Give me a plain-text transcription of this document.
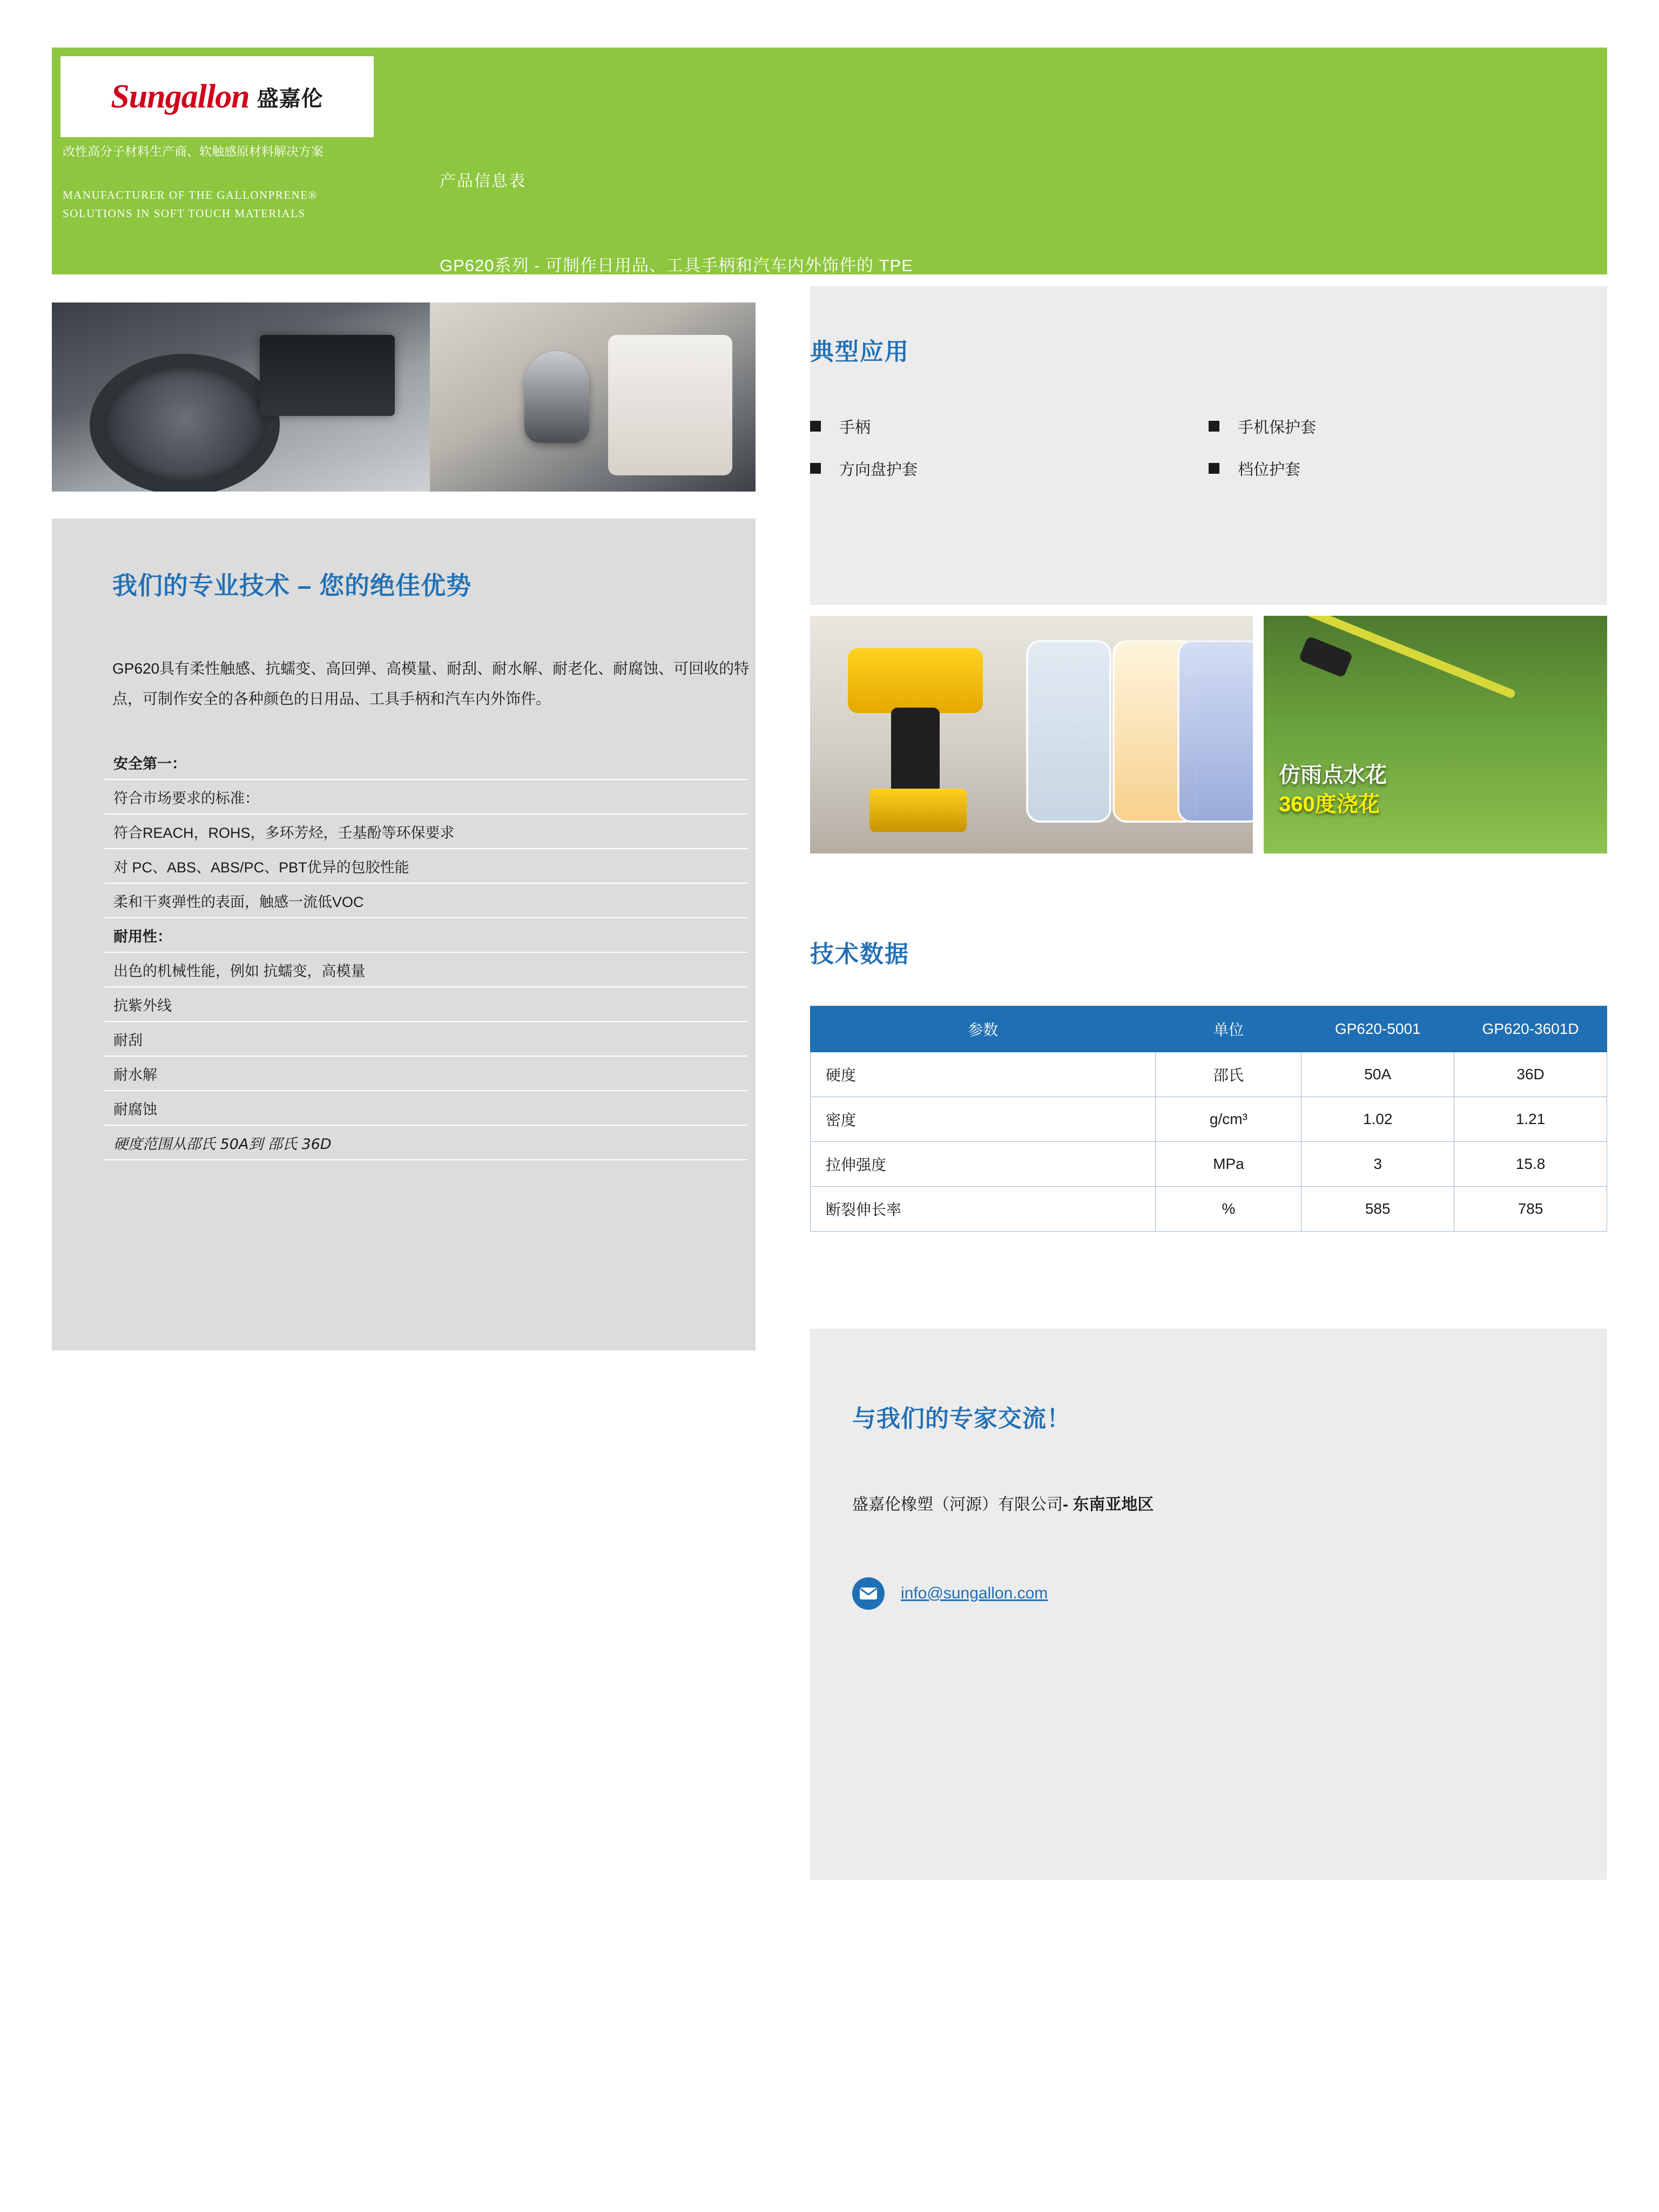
Sungallon 盛嘉伦
改性高分子材料生产商、软触感原材料解决方案
MANUFACTURER OF THE GALLONPRENE® SOLUTIONS IN SOFT TOUCH MATERIALS
产品信息表
GP620系列 - 可制作日用品、工具手柄和汽车内外饰件的 TPE
我们的专业技术 – 您的绝佳优势
GP620具有柔性触感、抗蠕变、高回弹、高模量、耐刮、耐水解、耐老化、耐腐蚀、可回收的特点，可制作安全的各种颜色的日用品、工具手柄和汽车内外饰件。
安全第一：
符合市场要求的标准：
符合REACH，ROHS，多环芳烃，壬基酚等环保要求
对 PC、ABS、ABS/PC、PBT优异的包胶性能
柔和干爽弹性的表面，触感一流低VOC
耐用性：
出色的机械性能，例如 抗蠕变，高模量
抗紫外线
耐刮
耐水解
耐腐蚀
硬度范围从邵氏 50A到 邵氏 36D
典型应用
手柄	手机保护套
方向盘护套	档位护套
仿雨点水花
360度浇花
技术数据
参数	单位	GP620-5001	GP620-3601D
硬度	邵氏	50A	36D
密度	g/cm³	1.02	1.21
拉伸强度	MPa	3	15.8
断裂伸长率	%	585	785
与我们的专家交流！
盛嘉伦橡塑（河源）有限公司- 东南亚地区
info@sungallon.com
